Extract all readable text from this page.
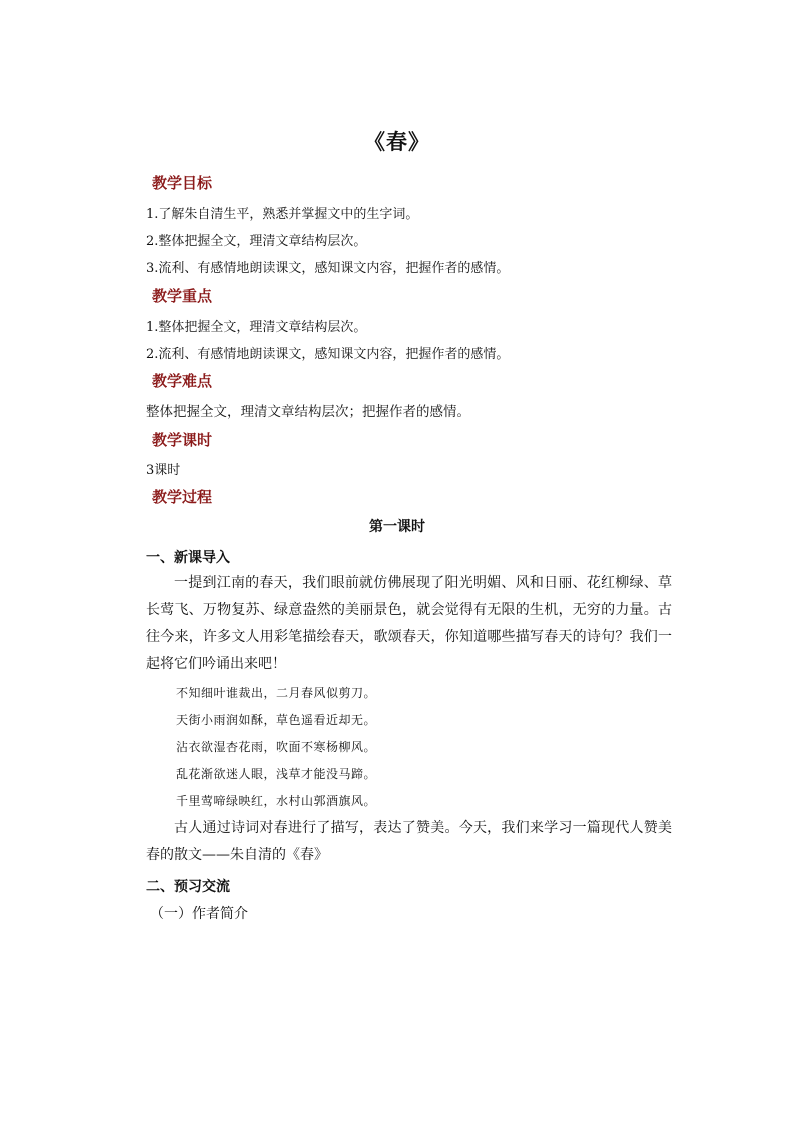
《春》
教学目标
1.了解朱自清生平，熟悉并掌握文中的生字词。
2.整体把握全文，理清文章结构层次。
3.流利、有感情地朗读课文，感知课文内容，把握作者的感情。
教学重点
1.整体把握全文，理清文章结构层次。
2.流利、有感情地朗读课文，感知课文内容，把握作者的感情。
教学难点
整体把握全文，理清文章结构层次；把握作者的感情。
教学课时
3课时
教学过程
第一课时
一、新课导入
一提到江南的春天，我们眼前就仿佛展现了阳光明媚、风和日丽、花红柳绿、草长莺飞、万物复苏、绿意盎然的美丽景色，就会觉得有无限的生机，无穷的力量。古往今来，许多文人用彩笔描绘春天，歌颂春天，你知道哪些描写春天的诗句？我们一起将它们吟诵出来吧！
不知细叶谁裁出，二月春风似剪刀。
天街小雨润如酥，草色遥看近却无。
沾衣欲湿杏花雨，吹面不寒杨柳风。
乱花渐欲迷人眼，浅草才能没马蹄。
千里莺啼绿映红，水村山郭酒旗风。
古人通过诗词对春进行了描写，表达了赞美。今天，我们来学习一篇现代人赞美春的散文——朱自清的《春》
二、预习交流
（一）作者简介
